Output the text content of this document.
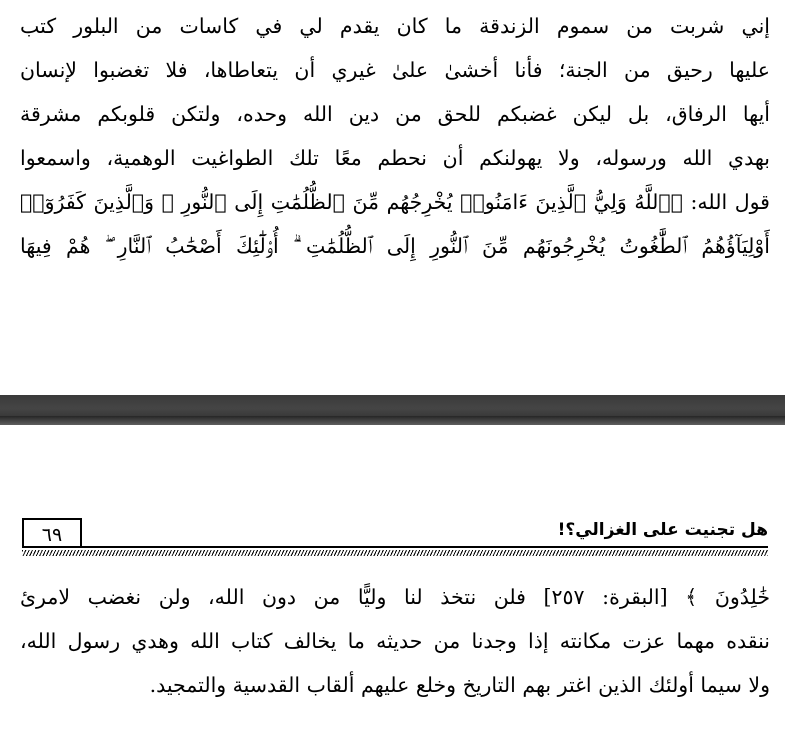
إني شربت من سموم الزندقة ما كان يقدم لي في كاسات من البلور كتب
عليها رحيق من الجنة؛ فأنا أخشىٰ علىٰ غيري أن يتعاطاها، فلا تغضبوا لإنسان
أيها الرفاق، بل ليكن غضبكم للحق من دين الله وحده، ولتكن قلوبكم مشرقة
بهدي الله ورسوله، ولا يهولنكم أن نحطم معًا تلك الطواغيت الوهمية، واسمعوا
قول الله: ﴿ٱللَّهُ وَلِيُّ ٱلَّذِينَ ءَامَنُوا۟ يُخْرِجُهُم مِّنَ ٱلظُّلُمَٰتِ إِلَى ٱلنُّورِ ۖ وَٱلَّذِينَ كَفَرُوٓا۟
أَوْلِيَآؤُهُمُ ٱلطَّٰغُوتُ يُخْرِجُونَهُم مِّنَ ٱلنُّورِ إِلَى ٱلظُّلُمَٰتِ ۗ أُو۟لَٰٓئِكَ أَصْحَٰبُ ٱلنَّارِ ۖ هُمْ فِيهَا
٦٩	هل تجنيت على الغزالي؟!
خَٰلِدُونَ ﴾ [البقرة: ٢٥٧] فلن نتخذ لنا وليًّا من دون الله، ولن نغضب لامرئ
ننقده مهما عزت مكانته إذا وجدنا من حديثه ما يخالف كتاب الله وهدي رسول الله،
ولا سيما أولئك الذين اغتر بهم التاريخ وخلع عليهم ألقاب القدسية والتمجيد.
